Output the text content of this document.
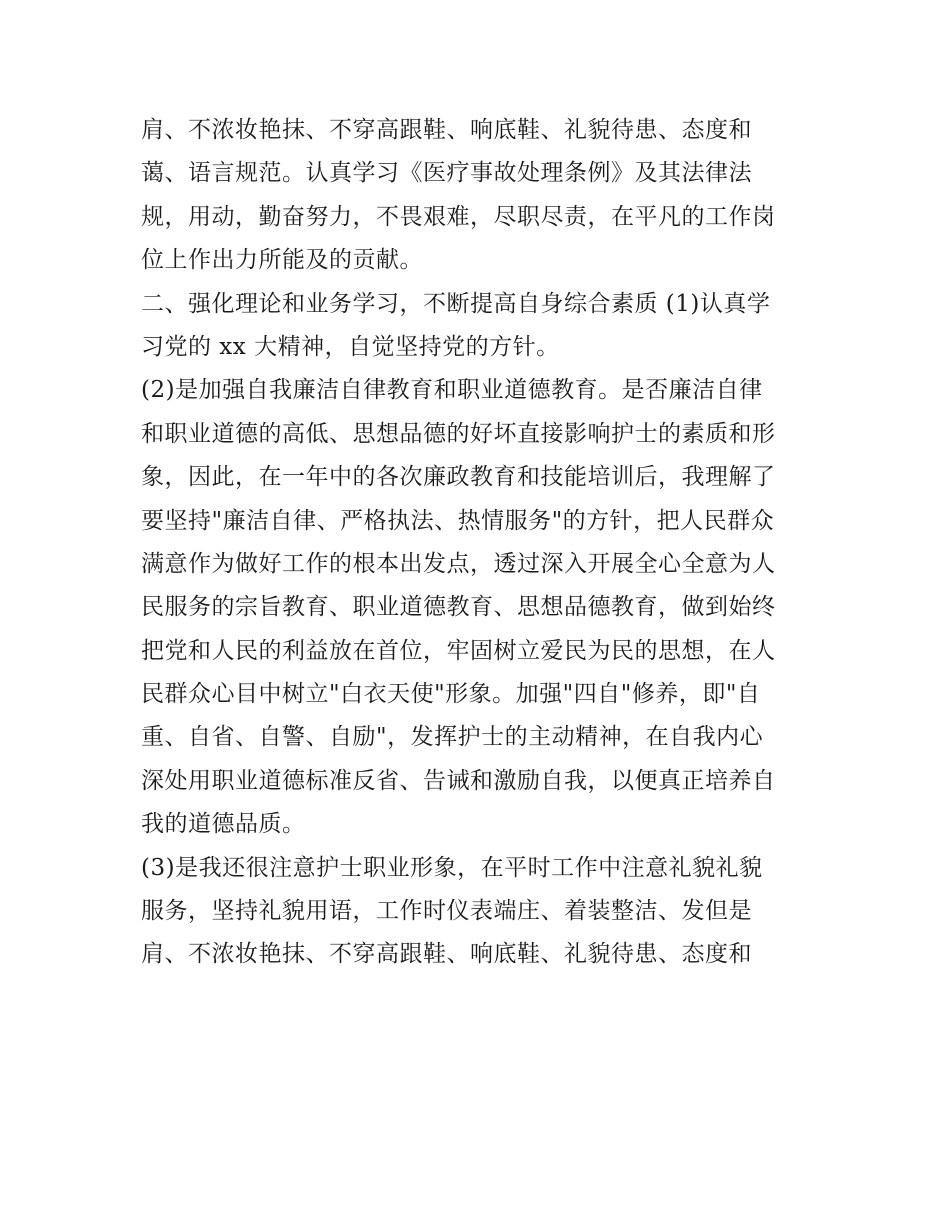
肩、不浓妆艳抹、不穿高跟鞋、响底鞋、礼貌待患、态度和
蔼、语言规范。认真学习《医疗事故处理条例》及其法律法
规，用动，勤奋努力，不畏艰难，尽职尽责，在平凡的工作岗
位上作出力所能及的贡献。
二、强化理论和业务学习，不断提高自身综合素质 (1)认真学
习党的 xx 大精神，自觉坚持党的方针。
(2)是加强自我廉洁自律教育和职业道德教育。是否廉洁自律
和职业道德的高低、思想品德的好坏直接影响护士的素质和形
象，因此，在一年中的各次廉政教育和技能培训后，我理解了
要坚持"廉洁自律、严格执法、热情服务"的方针，把人民群众
满意作为做好工作的根本出发点，透过深入开展全心全意为人
民服务的宗旨教育、职业道德教育、思想品德教育，做到始终
把党和人民的利益放在首位，牢固树立爱民为民的思想，在人
民群众心目中树立"白衣天使"形象。加强"四自"修养，即"自
重、自省、自警、自励"，发挥护士的主动精神，在自我内心
深处用职业道德标准反省、告诫和激励自我，以便真正培养自
我的道德品质。
(3)是我还很注意护士职业形象，在平时工作中注意礼貌礼貌
服务，坚持礼貌用语，工作时仪表端庄、着装整洁、发但是
肩、不浓妆艳抹、不穿高跟鞋、响底鞋、礼貌待患、态度和
